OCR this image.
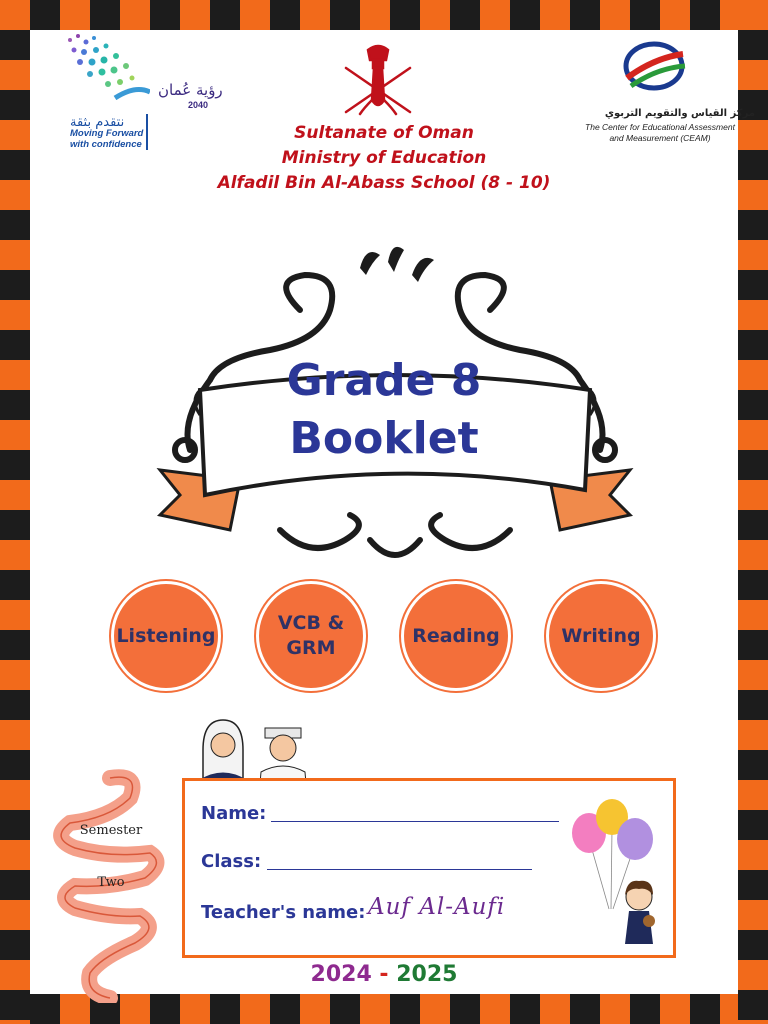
رؤية عُمان
2040
نتقدم بثقة
Moving Forward
with confidence
مركز القياس والتقويم التربوي
The Center for Educational Assessment
and Measurement (CEAM)
Sultanate of Oman
Ministry of Education
Alfadil Bin Al-Abass School (8 - 10)
Grade 8
Booklet
Listening
VCB &
GRM
Reading	Writing
Semester
Two
Name:
Class:
Teacher's name: Auf Al-Aufi
2024 - 2025
